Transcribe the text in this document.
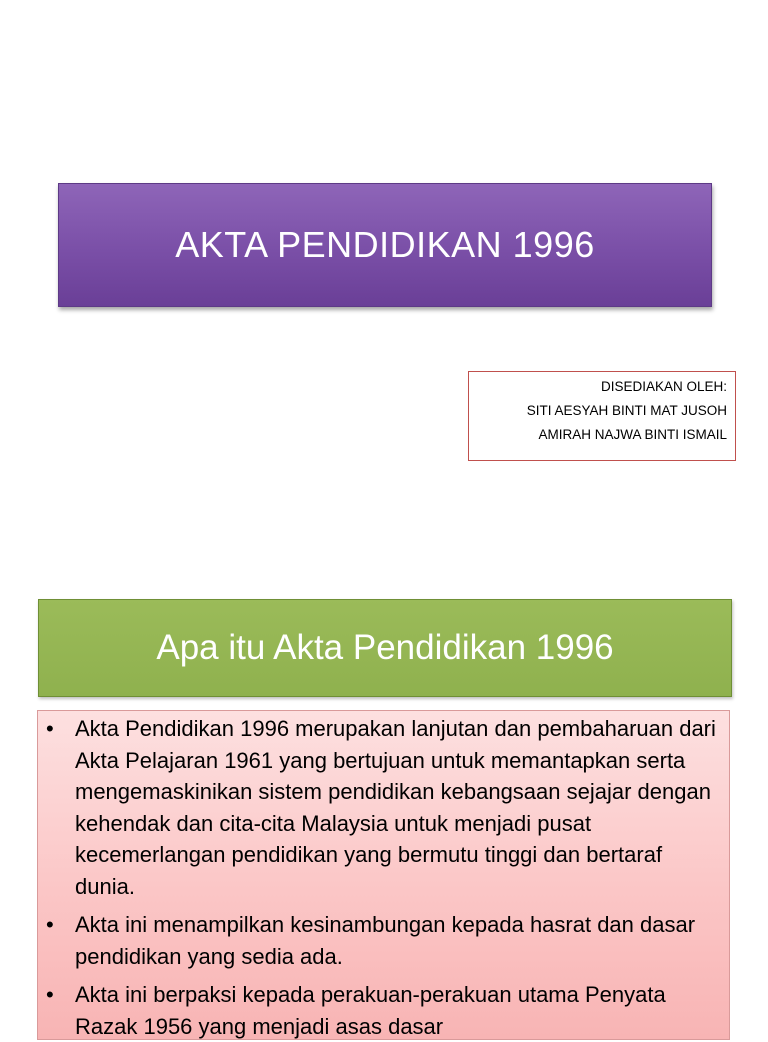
AKTA PENDIDIKAN 1996
DISEDIAKAN OLEH:
SITI AESYAH BINTI MAT JUSOH
AMIRAH NAJWA BINTI ISMAIL
Apa itu Akta Pendidikan 1996
• Akta Pendidikan 1996 merupakan lanjutan dan pembaharuan dari Akta Pelajaran 1961 yang bertujuan untuk memantapkan serta mengemaskinikan sistem pendidikan kebangsaan sejajar dengan kehendak dan cita-cita Malaysia untuk menjadi pusat kecemerlangan pendidikan yang bermutu tinggi dan bertaraf dunia.
• Akta ini menampilkan kesinambungan kepada hasrat dan dasar pendidikan yang sedia ada.
• Akta ini berpaksi kepada perakuan-perakuan utama Penyata Razak 1956 yang menjadi asas dasar
